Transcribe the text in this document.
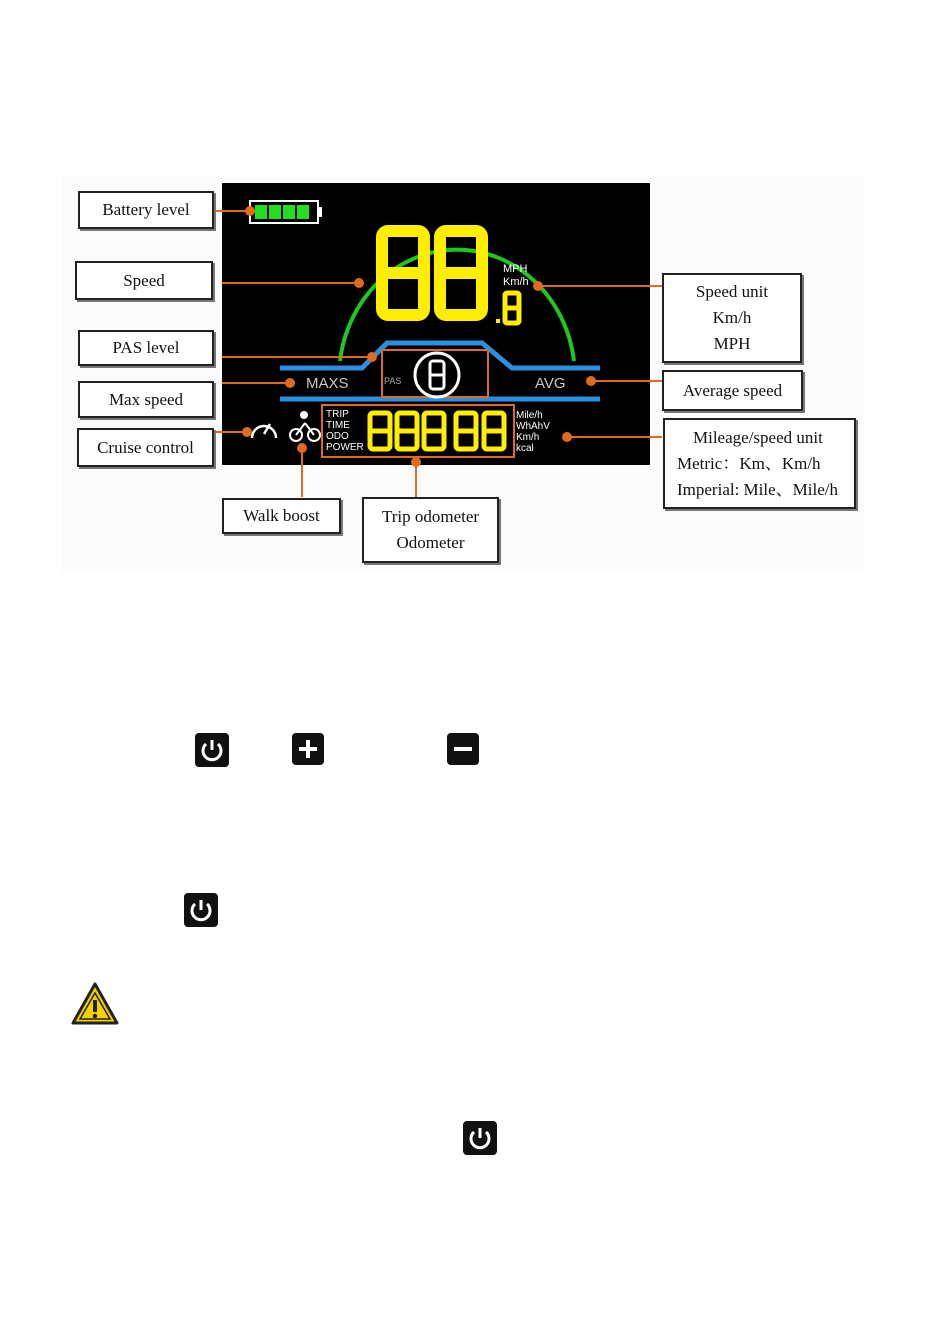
MPH
Km/h
MAXS	AVG
PAS
TRIP
TIME
ODO
POWER
Mile/h
WhAhV
Km/h
kcal
Battery level
Speed
PAS level
Max speed
Cruise control
Walk boost	Trip odometer
Odometer
Speed unit
Km/h
MPH
Average speed
Mileage/speed unit
Metric：Km、Km/h
Imperial: Mile、Mile/h
